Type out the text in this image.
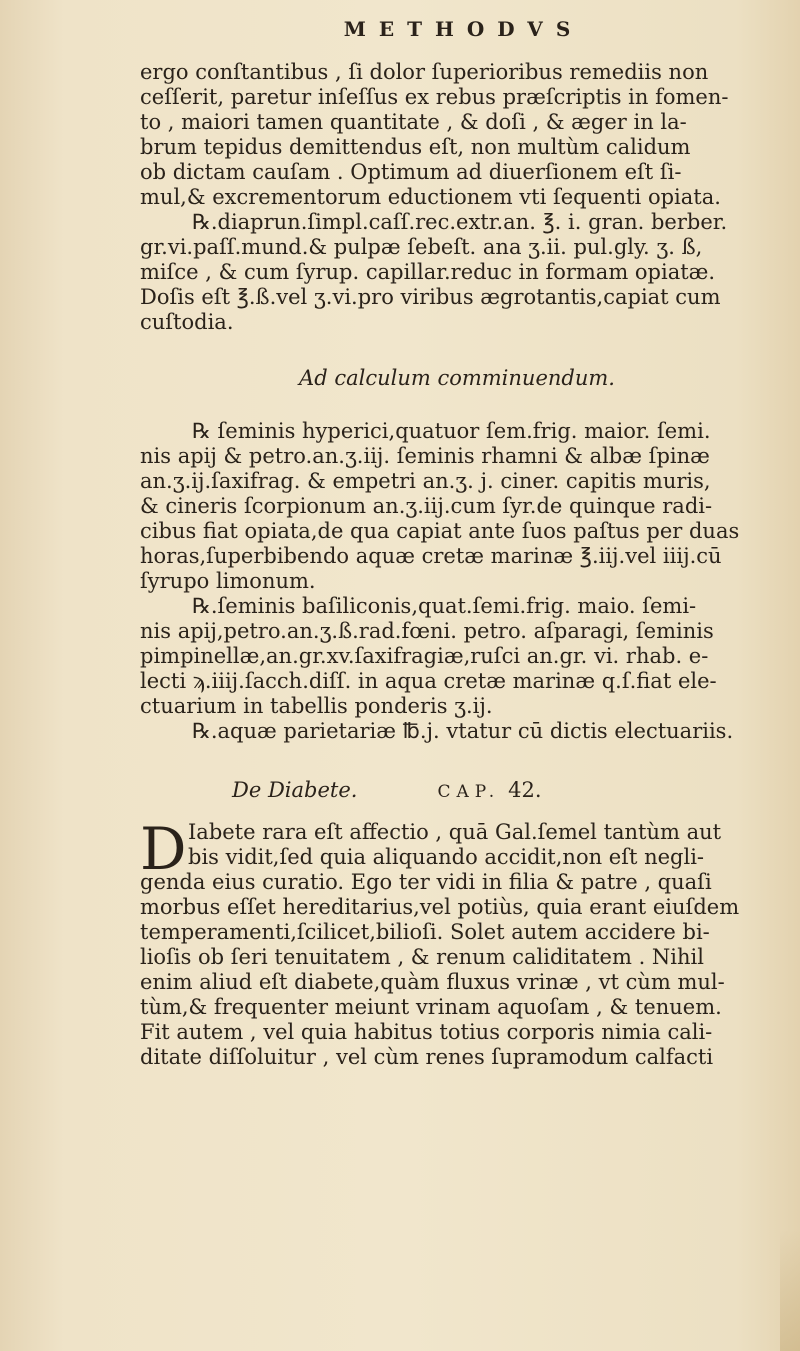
METHODVS
ergo conſtantibus , ſi dolor ſuperioribus remediis non
ceſſerit, paretur inſeſſus ex rebus præſcriptis in fomen-
to , maiori tamen quantitate , & doſi , & æger in la-
brum tepidus demittendus eſt, non multùm calidum
ob dictam cauſam . Optimum ad diuerſionem eſt ſi-
mul,& excrementorum eductionem vti ſequenti opiata.
℞.diaprun.ſimpl.caſſ.rec.extr.an. ℥. i. gran. berber.
gr.vi.paſſ.mund.& pulpæ ſebeſt. ana ʒ.ii. pul.gly. ʒ. ß,
miſce , & cum ſyrup. capillar.reduc in formam opiatæ.
Doſis eſt ℥.ß.vel ʒ.vi.pro viribus ægrotantis,capiat cum
cuſtodia.
Ad calculum comminuendum.
℞ ſeminis hyperici,quatuor ſem.frig. maior. ſemi.
nis apij & petro.an.ʒ.iij. ſeminis rhamni & albæ ſpinæ
an.ʒ.ij.ſaxifrag. & empetri an.ʒ. j. ciner. capitis muris,
& cineris ſcorpionum an.ʒ.iij.cum ſyr.de quinque radi-
cibus fiat opiata,de qua capiat ante ſuos paſtus per duas
horas,ſuperbibendo aquæ cretæ marinæ ℥.iij.vel iiij.cū
ſyrupo limonum.
℞.ſeminis baſiliconis,quat.ſemi.frig. maio. ſemi-
nis apij,petro.an.ʒ.ß.rad.fœni. petro. aſparagi, ſeminis
pimpinellæ,an.gr.xv.ſaxifragiæ,ruſci an.gr. vi. rhab. e-
lecti ϡ.iiij.ſacch.diſſ. in aqua cretæ marinæ q.ſ.fiat ele-
ctuarium in tabellis ponderis ʒ.ij.
℞.aquæ parietariæ ℔.j. vtatur cū dictis electuariis.
De Diabete.	CAP. 42.
D Iabete rara eſt affectio , quā Gal.ſemel tantùm aut
bis vidit,ſed quia aliquando accidit,non eſt negli-
genda eius curatio. Ego ter vidi in filia & patre , quaſi
morbus eſſet hereditarius,vel potiùs, quia erant eiuſdem
temperamenti,ſcilicet,bilioſi. Solet autem accidere bi-
lioſis ob ſeri tenuitatem , & renum caliditatem . Nihil
enim aliud eſt diabete,quàm fluxus vrinæ , vt cùm mul-
tùm,& frequenter meiunt vrinam aquoſam , & tenuem.
Fit autem , vel quia habitus totius corporis nimia cali-
ditate diſſoluitur , vel cùm renes ſupramodum calfacti
